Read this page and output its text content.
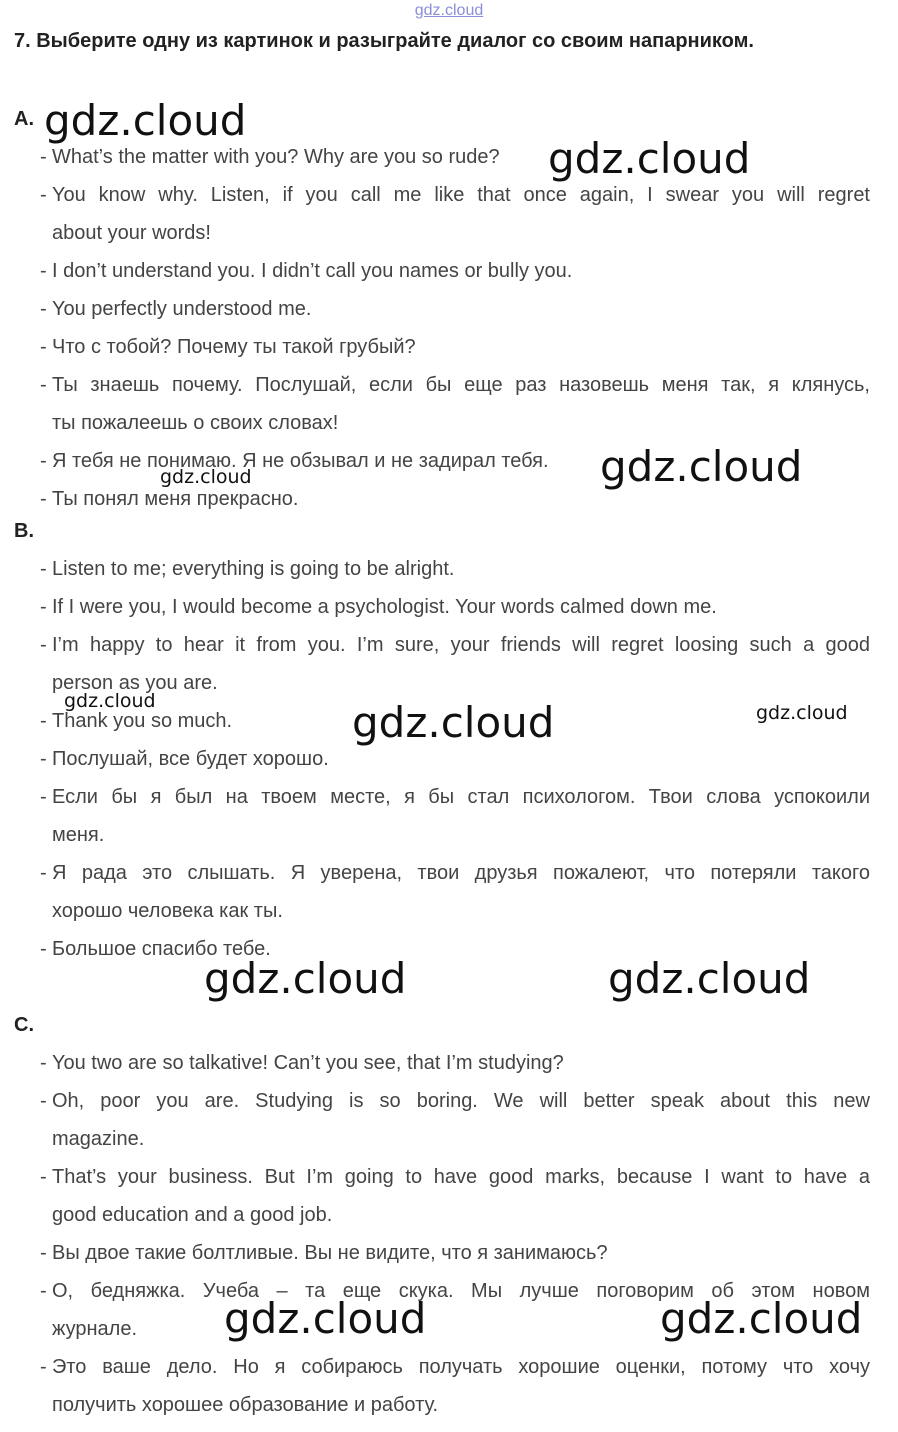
gdz.cloud
7. Выберите одну из картинок и разыграйте диалог со своим напарником.
A.
- What’s the matter with you? Why are you so rude?
- You know why. Listen, if you call me like that once again, I swear you will regret
about your words!
- I don’t understand you. I didn’t call you names or bully you.
- You perfectly understood me.
- Что с тобой? Почему ты такой грубый?
- Ты знаешь почему. Послушай, если бы еще раз назовешь меня так, я клянусь,
ты пожалеешь о своих словах!
- Я тебя не понимаю. Я не обзывал и не задирал тебя.
- Ты понял меня прекрасно.
B.
- Listen to me; everything is going to be alright.
- If I were you, I would become a psychologist. Your words calmed down me.
- I’m happy to hear it from you. I’m sure, your friends will regret loosing such a good
person as you are.
- Thank you so much.
- Послушай, все будет хорошо.
- Если бы я был на твоем месте, я бы стал психологом. Твои слова успокоили
меня.
- Я рада это слышать. Я уверена, твои друзья пожалеют, что потеряли такого
хорошо человека как ты.
- Большое спасибо тебе.
C.
- You two are so talkative! Can’t you see, that I’m studying?
- Oh, poor you are. Studying is so boring. We will better speak about this new
magazine.
- That’s your business. But I’m going to have good marks, because I want to have a
good education and a good job.
- Вы двое такие болтливые. Вы не видите, что я занимаюсь?
- О, бедняжка. Учеба – та еще скука. Мы лучше поговорим об этом новом
журнале.
- Это ваше дело. Но я собираюсь получать хорошие оценки, потому что хочу
получить хорошее образование и работу.
gdz.cloud
gdz.cloud
gdz.cloud	gdz.cloud
gdz.cloud	gdz.cloud	gdz.cloud
gdz.cloud	gdz.cloud
gdz.cloud	gdz.cloud
